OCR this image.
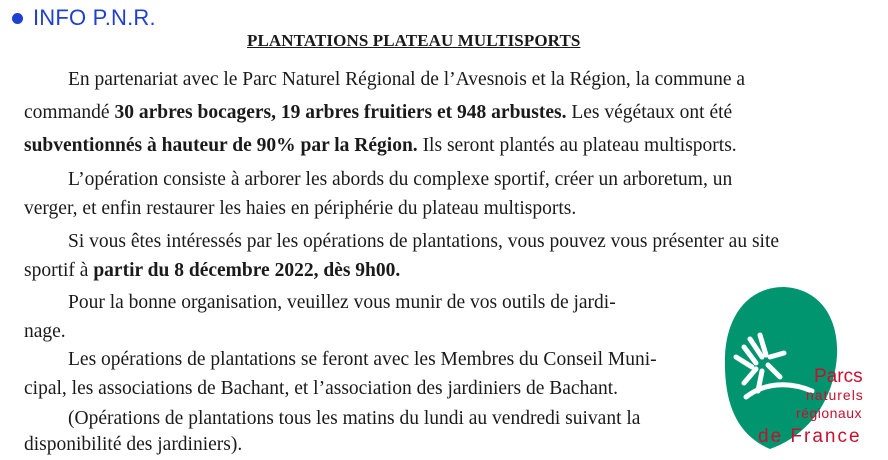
INFO P.N.R.
PLANTATIONS PLATEAU MULTISPORTS

En partenariat avec le Parc Naturel Régional de l’Avesnois et la Région, la commune a
commandé 30 arbres bocagers, 19 arbres fruitiers et 948 arbustes. Les végétaux ont été
subventionnés à hauteur de 90% par la Région. Ils seront plantés au plateau multisports.

L’opération consiste à arborer les abords du complexe sportif, créer un arboretum, un
verger, et enfin restaurer les haies en périphérie du plateau multisports.

Si vous êtes intéressés par les opérations de plantations, vous pouvez vous présenter au site
sportif à partir du 8 décembre 2022, dès 9h00.

Pour la bonne organisation, veuillez vous munir de vos outils de jardi-
nage.

Les opérations de plantations se feront avec les Membres du Conseil Muni-
cipal, les associations de Bachant, et l’association des jardiniers de Bachant.

(Opérations de plantations tous les matins du lundi au vendredi suivant la
disponibilité des jardiniers).

Parcs
naturels
régionaux
de France
